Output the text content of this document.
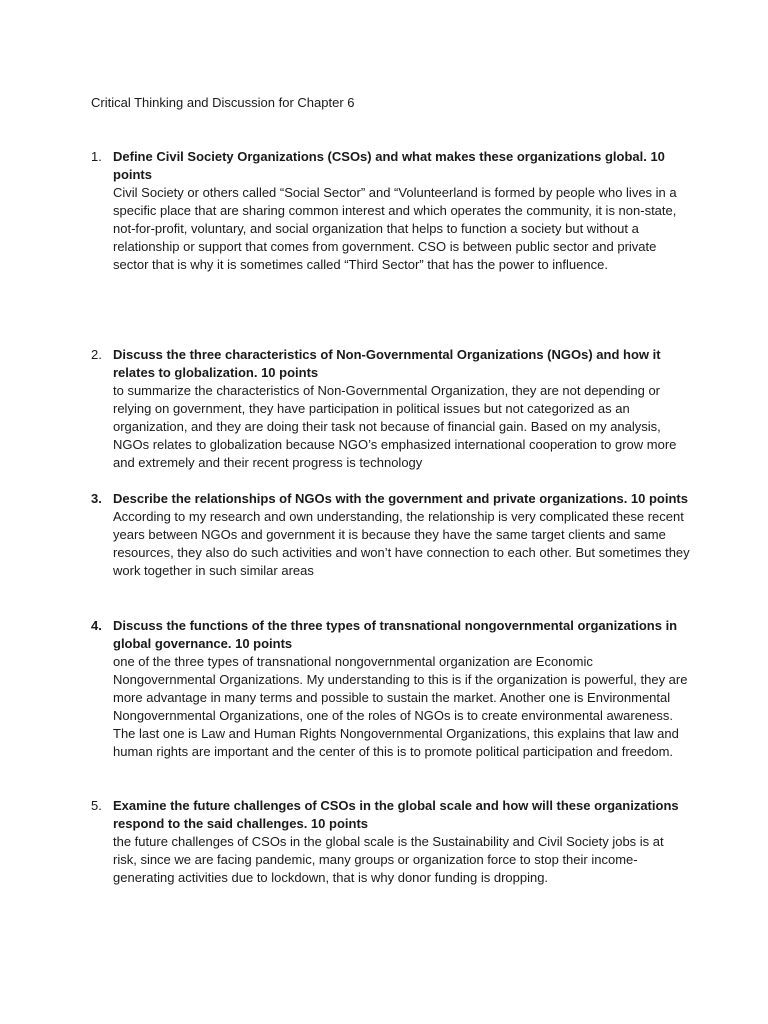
Critical Thinking and Discussion for Chapter 6
1. Define Civil Society Organizations (CSOs) and what makes these organizations global. 10 points
Civil Society or others called “Social Sector” and “Volunteerland is formed by people who lives in a specific place that are sharing common interest and which operates the community, it is non-state, not-for-profit, voluntary, and social organization that helps to function a society but without a relationship or support that comes from government. CSO is between public sector and private sector that is why it is sometimes called “Third Sector” that has the power to influence.
2. Discuss the three characteristics of Non-Governmental Organizations (NGOs) and how it relates to globalization. 10 points
to summarize the characteristics of Non-Governmental Organization, they are not depending or relying on government, they have participation in political issues but not categorized as an organization, and they are doing their task not because of financial gain. Based on my analysis, NGOs relates to globalization because NGO’s emphasized international cooperation to grow more and extremely and their recent progress is technology
3. Describe the relationships of NGOs with the government and private organizations. 10 points
According to my research and own understanding, the relationship is very complicated these recent years between NGOs and government it is because they have the same target clients and same resources, they also do such activities and won’t have connection to each other. But sometimes they work together in such similar areas
4. Discuss the functions of the three types of transnational nongovernmental organizations in global governance. 10 points
one of the three types of transnational nongovernmental organization are Economic Nongovernmental Organizations. My understanding to this is if the organization is powerful, they are more advantage in many terms and possible to sustain the market. Another one is Environmental Nongovernmental Organizations, one of the roles of NGOs is to create environmental awareness. The last one is Law and Human Rights Nongovernmental Organizations, this explains that law and human rights are important and the center of this is to promote political participation and freedom.
5. Examine the future challenges of CSOs in the global scale and how will these organizations respond to the said challenges. 10 points
the future challenges of CSOs in the global scale is the Sustainability and Civil Society jobs is at risk, since we are facing pandemic, many groups or organization force to stop their income-generating activities due to lockdown, that is why donor funding is dropping.
